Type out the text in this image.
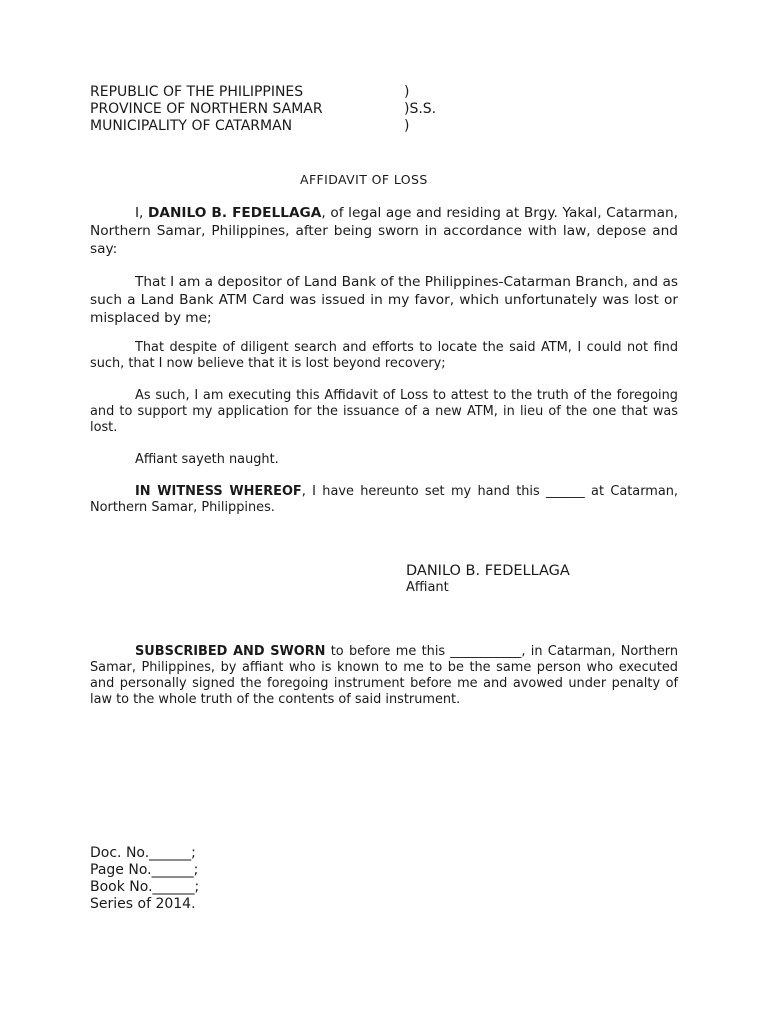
REPUBLIC OF THE PHILIPPINES	)
PROVINCE OF NORTHERN SAMAR	)S.S.
MUNICIPALITY OF CATARMAN	)
AFFIDAVIT OF LOSS
I, DANILO B. FEDELLAGA, of legal age and residing at Brgy. Yakal, Catarman, Northern Samar, Philippines, after being sworn in accordance with law, depose and say:
That I am a depositor of Land Bank of the Philippines-Catarman Branch, and as such a Land Bank ATM Card was issued in my favor, which unfortunately was lost or misplaced by me;
That despite of diligent search and efforts to locate the said ATM, I could not find such, that I now believe that it is lost beyond recovery;
As such, I am executing this Affidavit of Loss to attest to the truth of the foregoing and to support my application for the issuance of a new ATM, in lieu of the one that was lost.
Affiant sayeth naught.
IN WITNESS WHEREOF, I have hereunto set my hand this ______ at Catarman, Northern Samar, Philippines.
DANILO B. FEDELLAGA
Affiant
SUBSCRIBED AND SWORN to before me this ___________, in Catarman, Northern Samar, Philippines, by affiant who is known to me to be the same person who executed and personally signed the foregoing instrument before me and avowed under penalty of law to the whole truth of the contents of said instrument.
Doc. No.______;
Page No.______;
Book No.______;
Series of 2014.
